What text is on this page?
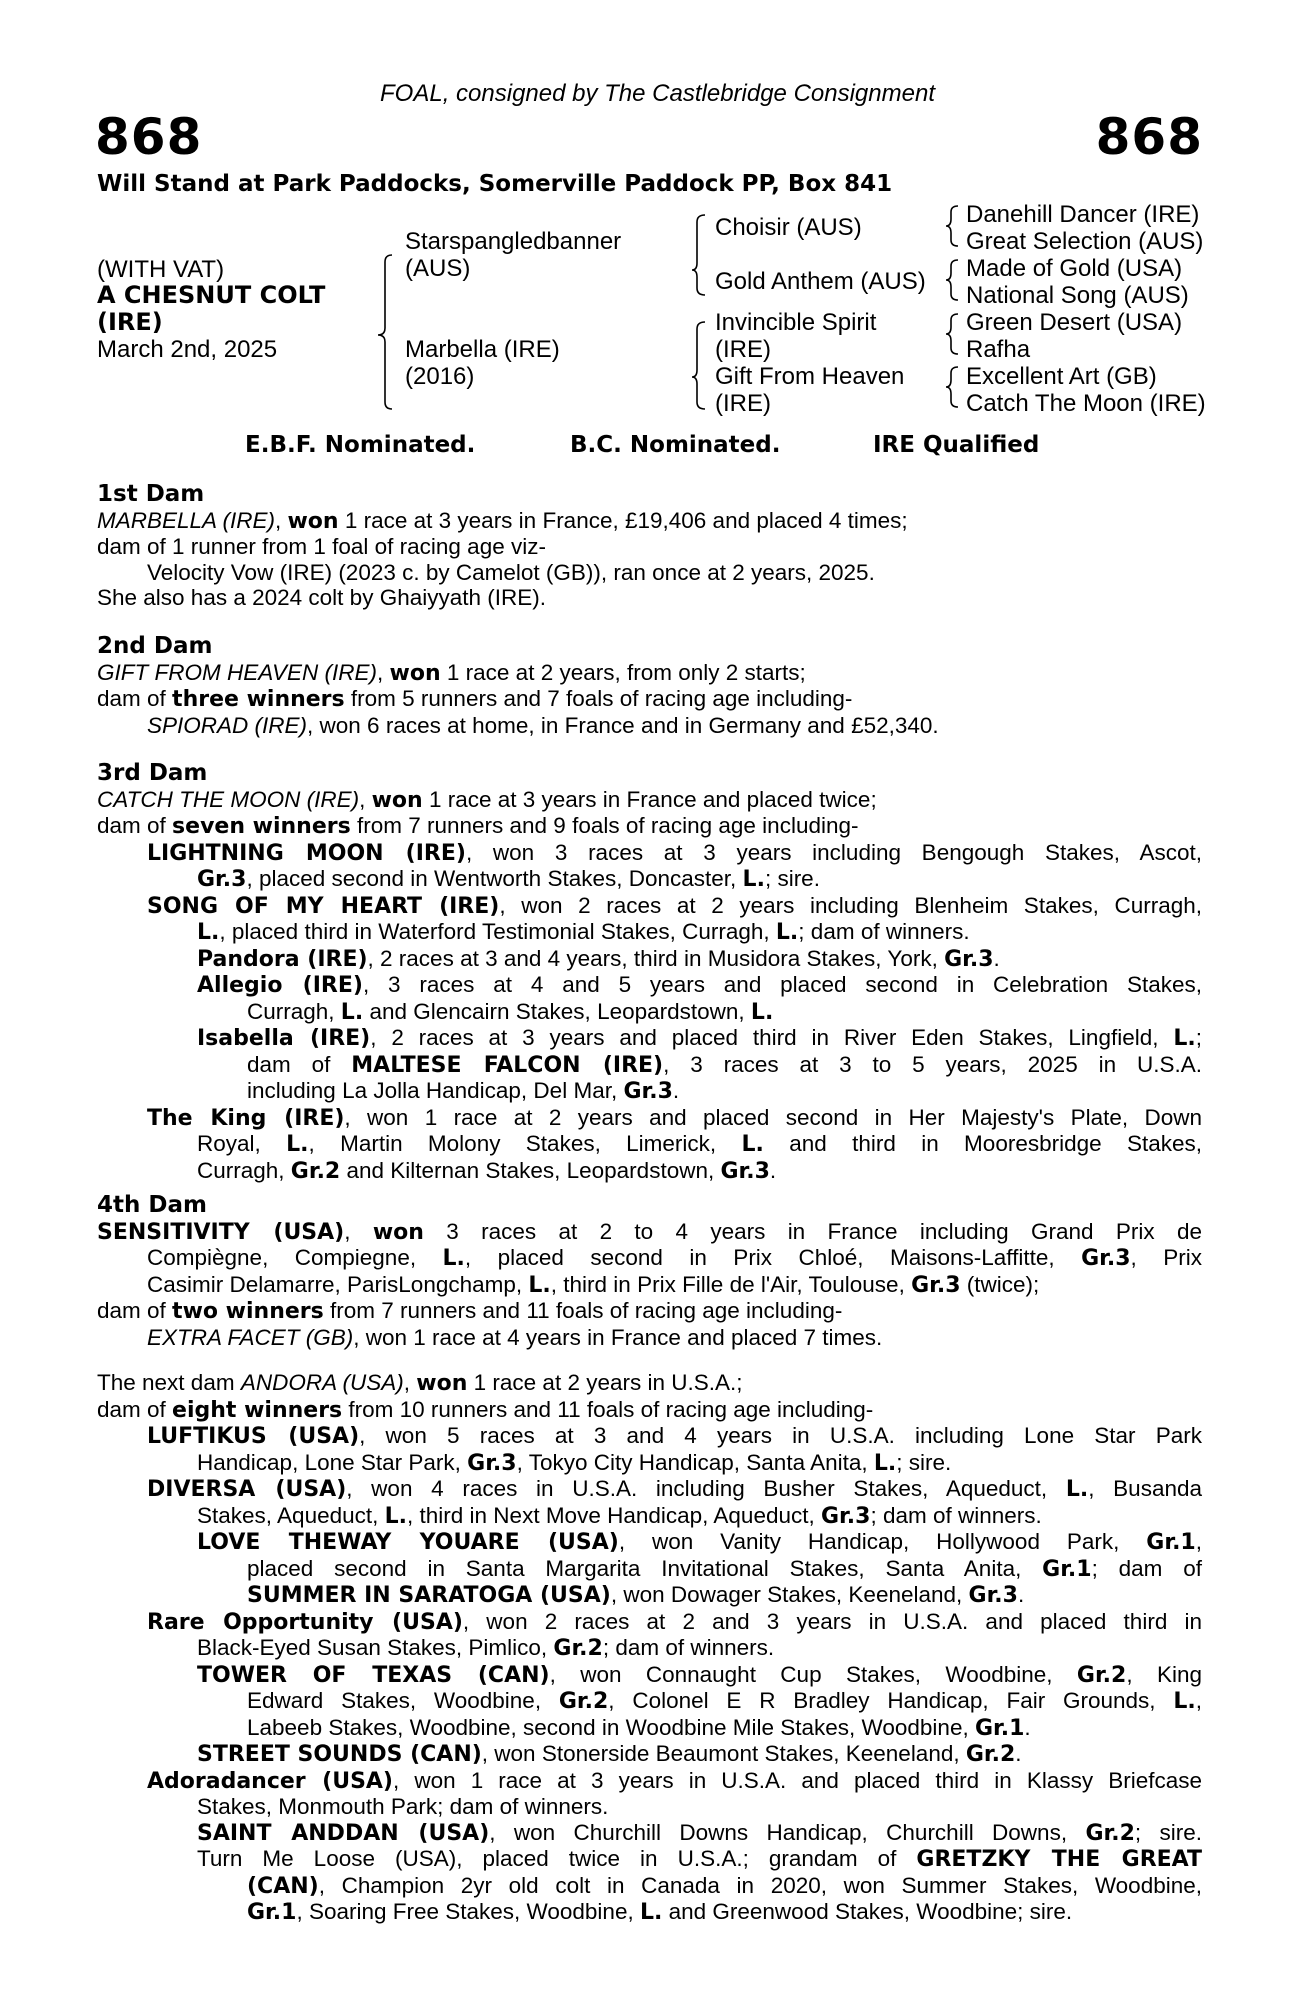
FOAL, consigned by The Castlebridge Consignment
868	868
Will Stand at Park Paddocks, Somerville Paddock PP, Box 841
(WITH VAT)
A CHESNUT COLT
(IRE)
March 2nd, 2025
Starspangledbanner
(AUS)
Marbella (IRE)
(2016)
Choisir (AUS)
Gold Anthem (AUS)
Invincible Spirit
(IRE)
Gift From Heaven
(IRE)
Danehill Dancer (IRE)
Great Selection (AUS)
Made of Gold (USA)
National Song (AUS)
Green Desert (USA)
Rafha
Excellent Art (GB)
Catch The Moon (IRE)
E.B.F. Nominated.	B.C. Nominated.	IRE Qualified
1st Dam
MARBELLA (IRE), won 1 race at 3 years in France, £19,406 and placed 4 times;
dam of 1 runner from 1 foal of racing age viz-
Velocity Vow (IRE) (2023 c. by Camelot (GB)), ran once at 2 years, 2025.
She also has a 2024 colt by Ghaiyyath (IRE).
2nd Dam
GIFT FROM HEAVEN (IRE), won 1 race at 2 years, from only 2 starts;
dam of three winners from 5 runners and 7 foals of racing age including-
SPIORAD (IRE), won 6 races at home, in France and in Germany and £52,340.
3rd Dam
CATCH THE MOON (IRE), won 1 race at 3 years in France and placed twice;
dam of seven winners from 7 runners and 9 foals of racing age including-
LIGHTNING MOON (IRE), won 3 races at 3 years including Bengough Stakes, Ascot,
Gr.3, placed second in Wentworth Stakes, Doncaster, L.; sire.
SONG OF MY HEART (IRE), won 2 races at 2 years including Blenheim Stakes, Curragh,
L., placed third in Waterford Testimonial Stakes, Curragh, L.; dam of winners.
Pandora (IRE), 2 races at 3 and 4 years, third in Musidora Stakes, York, Gr.3.
Allegio (IRE), 3 races at 4 and 5 years and placed second in Celebration Stakes,
Curragh, L. and Glencairn Stakes, Leopardstown, L.
Isabella (IRE), 2 races at 3 years and placed third in River Eden Stakes, Lingfield, L.;
dam of MALTESE FALCON (IRE), 3 races at 3 to 5 years, 2025 in U.S.A.
including La Jolla Handicap, Del Mar, Gr.3.
The King (IRE), won 1 race at 2 years and placed second in Her Majesty's Plate, Down
Royal, L., Martin Molony Stakes, Limerick, L. and third in Mooresbridge Stakes,
Curragh, Gr.2 and Kilternan Stakes, Leopardstown, Gr.3.
4th Dam
SENSITIVITY (USA), won 3 races at 2 to 4 years in France including Grand Prix de
Compiègne, Compiegne, L., placed second in Prix Chloé, Maisons-Laffitte, Gr.3, Prix
Casimir Delamarre, ParisLongchamp, L., third in Prix Fille de l'Air, Toulouse, Gr.3 (twice);
dam of two winners from 7 runners and 11 foals of racing age including-
EXTRA FACET (GB), won 1 race at 4 years in France and placed 7 times.
The next dam ANDORA (USA), won 1 race at 2 years in U.S.A.;
dam of eight winners from 10 runners and 11 foals of racing age including-
LUFTIKUS (USA), won 5 races at 3 and 4 years in U.S.A. including Lone Star Park
Handicap, Lone Star Park, Gr.3, Tokyo City Handicap, Santa Anita, L.; sire.
DIVERSA (USA), won 4 races in U.S.A. including Busher Stakes, Aqueduct, L., Busanda
Stakes, Aqueduct, L., third in Next Move Handicap, Aqueduct, Gr.3; dam of winners.
LOVE THEWAY YOUARE (USA), won Vanity Handicap, Hollywood Park, Gr.1,
placed second in Santa Margarita Invitational Stakes, Santa Anita, Gr.1; dam of
SUMMER IN SARATOGA (USA), won Dowager Stakes, Keeneland, Gr.3.
Rare Opportunity (USA), won 2 races at 2 and 3 years in U.S.A. and placed third in
Black-Eyed Susan Stakes, Pimlico, Gr.2; dam of winners.
TOWER OF TEXAS (CAN), won Connaught Cup Stakes, Woodbine, Gr.2, King
Edward Stakes, Woodbine, Gr.2, Colonel E R Bradley Handicap, Fair Grounds, L.,
Labeeb Stakes, Woodbine, second in Woodbine Mile Stakes, Woodbine, Gr.1.
STREET SOUNDS (CAN), won Stonerside Beaumont Stakes, Keeneland, Gr.2.
Adoradancer (USA), won 1 race at 3 years in U.S.A. and placed third in Klassy Briefcase
Stakes, Monmouth Park; dam of winners.
SAINT ANDDAN (USA), won Churchill Downs Handicap, Churchill Downs, Gr.2; sire.
Turn Me Loose (USA), placed twice in U.S.A.; grandam of GRETZKY THE GREAT
(CAN), Champion 2yr old colt in Canada in 2020, won Summer Stakes, Woodbine,
Gr.1, Soaring Free Stakes, Woodbine, L. and Greenwood Stakes, Woodbine; sire.
